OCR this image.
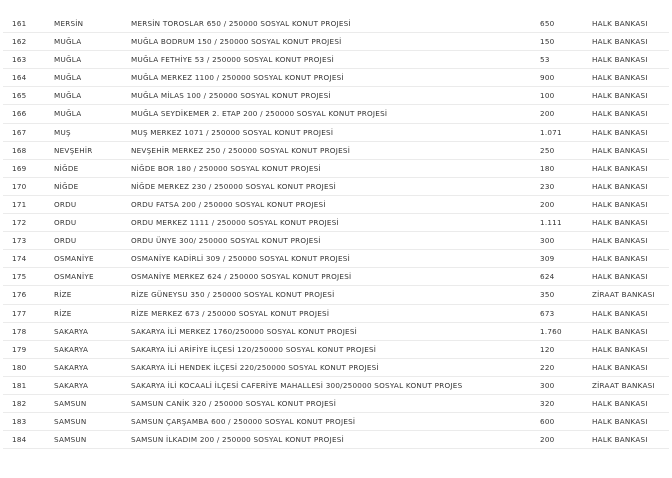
161	MERSİN	MERSİN TOROSLAR 650 / 250000 SOSYAL KONUT PROJESİ	650	HALK BANKASI
162	MUĞLA	MUĞLA BODRUM 150 / 250000 SOSYAL KONUT PROJESİ	150	HALK BANKASI
163	MUĞLA	MUĞLA FETHİYE 53 / 250000 SOSYAL KONUT PROJESİ	53	HALK BANKASI
164	MUĞLA	MUĞLA MERKEZ 1100 / 250000 SOSYAL KONUT PROJESİ	900	HALK BANKASI
165	MUĞLA	MUĞLA MİLAS 100 / 250000 SOSYAL KONUT PROJESİ	100	HALK BANKASI
166	MUĞLA	MUĞLA SEYDİKEMER 2. ETAP 200 / 250000 SOSYAL KONUT PROJESİ	200	HALK BANKASI
167	MUŞ	MUŞ MERKEZ 1071 / 250000 SOSYAL KONUT PROJESİ	1.071	HALK BANKASI
168	NEVŞEHİR	NEVŞEHİR MERKEZ 250 / 250000 SOSYAL KONUT PROJESİ	250	HALK BANKASI
169	NİĞDE	NİĞDE BOR 180 / 250000 SOSYAL KONUT PROJESİ	180	HALK BANKASI
170	NİĞDE	NİĞDE MERKEZ 230 / 250000 SOSYAL KONUT PROJESİ	230	HALK BANKASI
171	ORDU	ORDU FATSA 200 / 250000 SOSYAL KONUT PROJESİ	200	HALK BANKASI
172	ORDU	ORDU MERKEZ 1111 / 250000 SOSYAL KONUT PROJESİ	1.111	HALK BANKASI
173	ORDU	ORDU ÜNYE 300/ 250000 SOSYAL KONUT PROJESİ	300	HALK BANKASI
174	OSMANİYE	OSMANİYE KADİRLİ 309 / 250000 SOSYAL KONUT PROJESİ	309	HALK BANKASI
175	OSMANİYE	OSMANİYE MERKEZ 624 / 250000 SOSYAL KONUT PROJESİ	624	HALK BANKASI
176	RİZE	RİZE GÜNEYSU 350 / 250000 SOSYAL KONUT PROJESİ	350	ZİRAAT BANKASI
177	RİZE	RİZE MERKEZ 673 / 250000 SOSYAL KONUT PROJESİ	673	HALK BANKASI
178	SAKARYA	SAKARYA İLİ MERKEZ 1760/250000 SOSYAL KONUT PROJESİ	1.760	HALK BANKASI
179	SAKARYA	SAKARYA İLİ ARİFİYE İLÇESİ 120/250000 SOSYAL KONUT PROJESİ	120	HALK BANKASI
180	SAKARYA	SAKARYA İLİ HENDEK İLÇESİ 220/250000 SOSYAL KONUT PROJESİ	220	HALK BANKASI
181	SAKARYA	SAKARYA İLİ KOCAALİ İLÇESİ CAFERİYE MAHALLESİ 300/250000 SOSYAL KONUT PROJES	300	ZİRAAT BANKASI
182	SAMSUN	SAMSUN CANİK 320 / 250000 SOSYAL KONUT PROJESİ	320	HALK BANKASI
183	SAMSUN	SAMSUN ÇARŞAMBA 600 / 250000 SOSYAL KONUT PROJESİ	600	HALK BANKASI
184	SAMSUN	SAMSUN İLKADIM 200 / 250000 SOSYAL KONUT PROJESİ	200	HALK BANKASI
